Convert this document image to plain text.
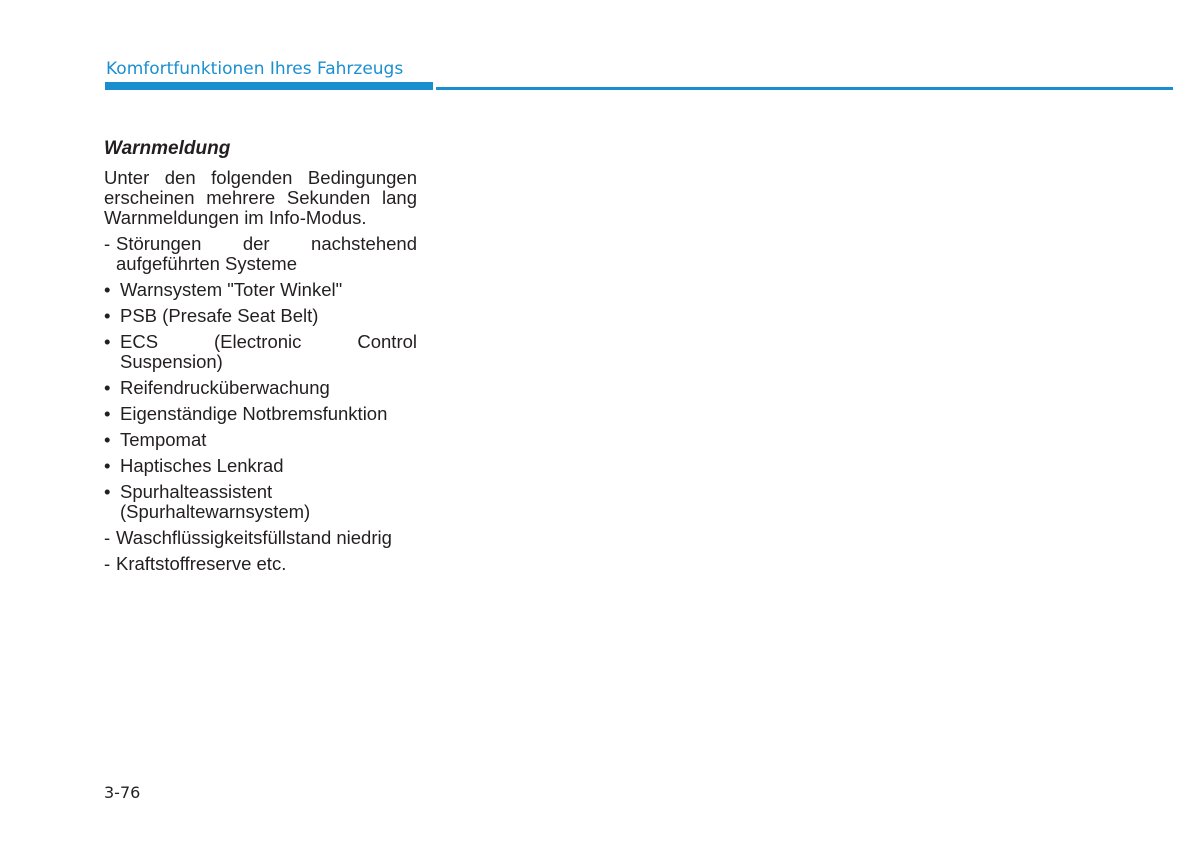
Komfortfunktionen Ihres Fahrzeugs
Warnmeldung
Unter den folgenden Bedingungen erscheinen mehrere Sekunden lang Warnmeldungen im Info-Modus.
- Störungen der nachstehend aufgeführten Systeme
• Warnsystem "Toter Winkel"
• PSB (Presafe Seat Belt)
• ECS (Electronic Control Suspension)
• Reifendrucküberwachung
• Eigenständige Notbremsfunktion
• Tempomat
• Haptisches Lenkrad
• Spurhalteassistent (Spurhaltewarnsystem)
- Waschflüssigkeitsfüllstand niedrig
- Kraftstoffreserve etc.
3-76
